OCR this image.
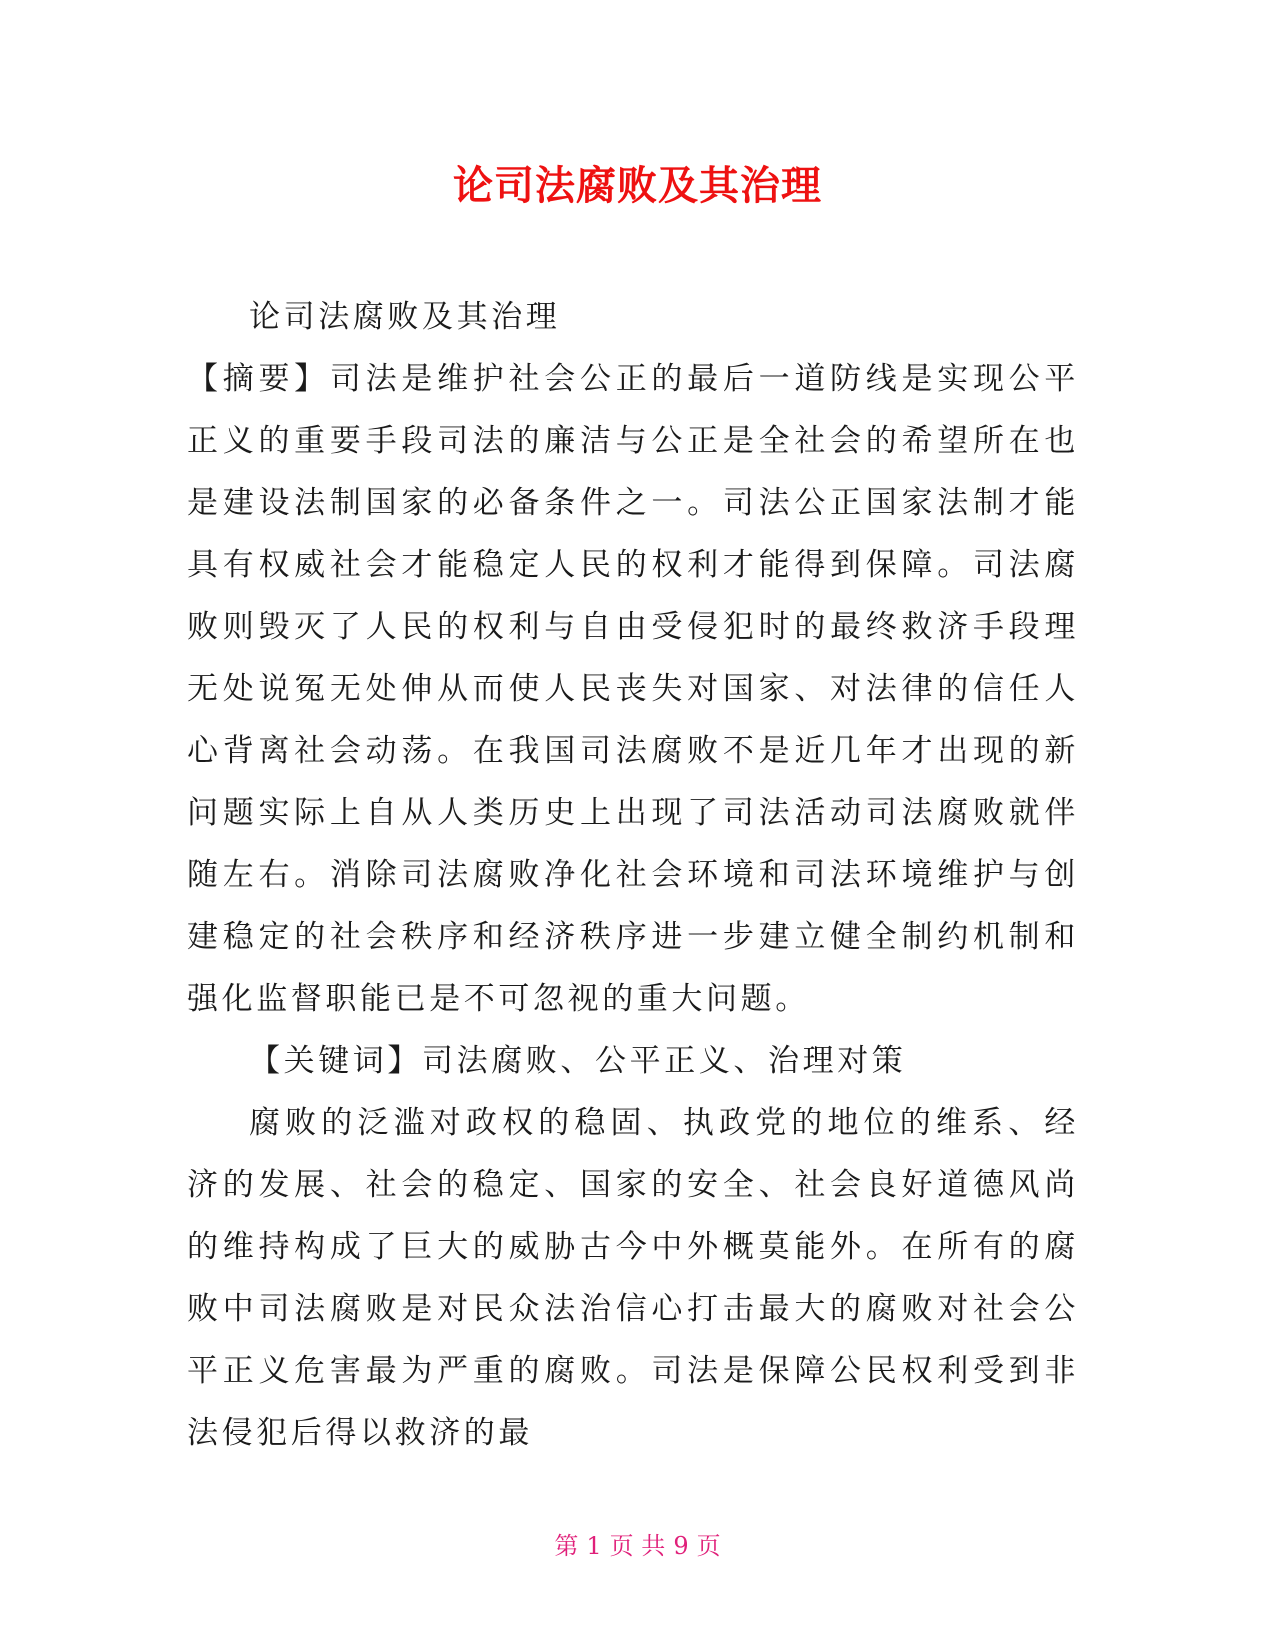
论司法腐败及其治理

论司法腐败及其治理

【摘要】司法是维护社会公正的最后一道防线是实现公平正义的重要手段司法的廉洁与公正是全社会的希望所在也是建设法制国家的必备条件之一。司法公正国家法制才能具有权威社会才能稳定人民的权利才能得到保障。司法腐败则毁灭了人民的权利与自由受侵犯时的最终救济手段理无处说冤无处伸从而使人民丧失对国家、对法律的信任人心背离社会动荡。在我国司法腐败不是近几年才出现的新问题实际上自从人类历史上出现了司法活动司法腐败就伴随左右。消除司法腐败净化社会环境和司法环境维护与创建稳定的社会秩序和经济秩序进一步建立健全制约机制和强化监督职能已是不可忽视的重大问题。

【关键词】司法腐败、公平正义、治理对策

腐败的泛滥对政权的稳固、执政党的地位的维系、经济的发展、社会的稳定、国家的安全、社会良好道德风尚的维持构成了巨大的威胁古今中外概莫能外。在所有的腐败中司法腐败是对民众法治信心打击最大的腐败对社会公平正义危害最为严重的腐败。司法是保障公民权利受到非法侵犯后得以救济的最

第 1 页 共 9 页
